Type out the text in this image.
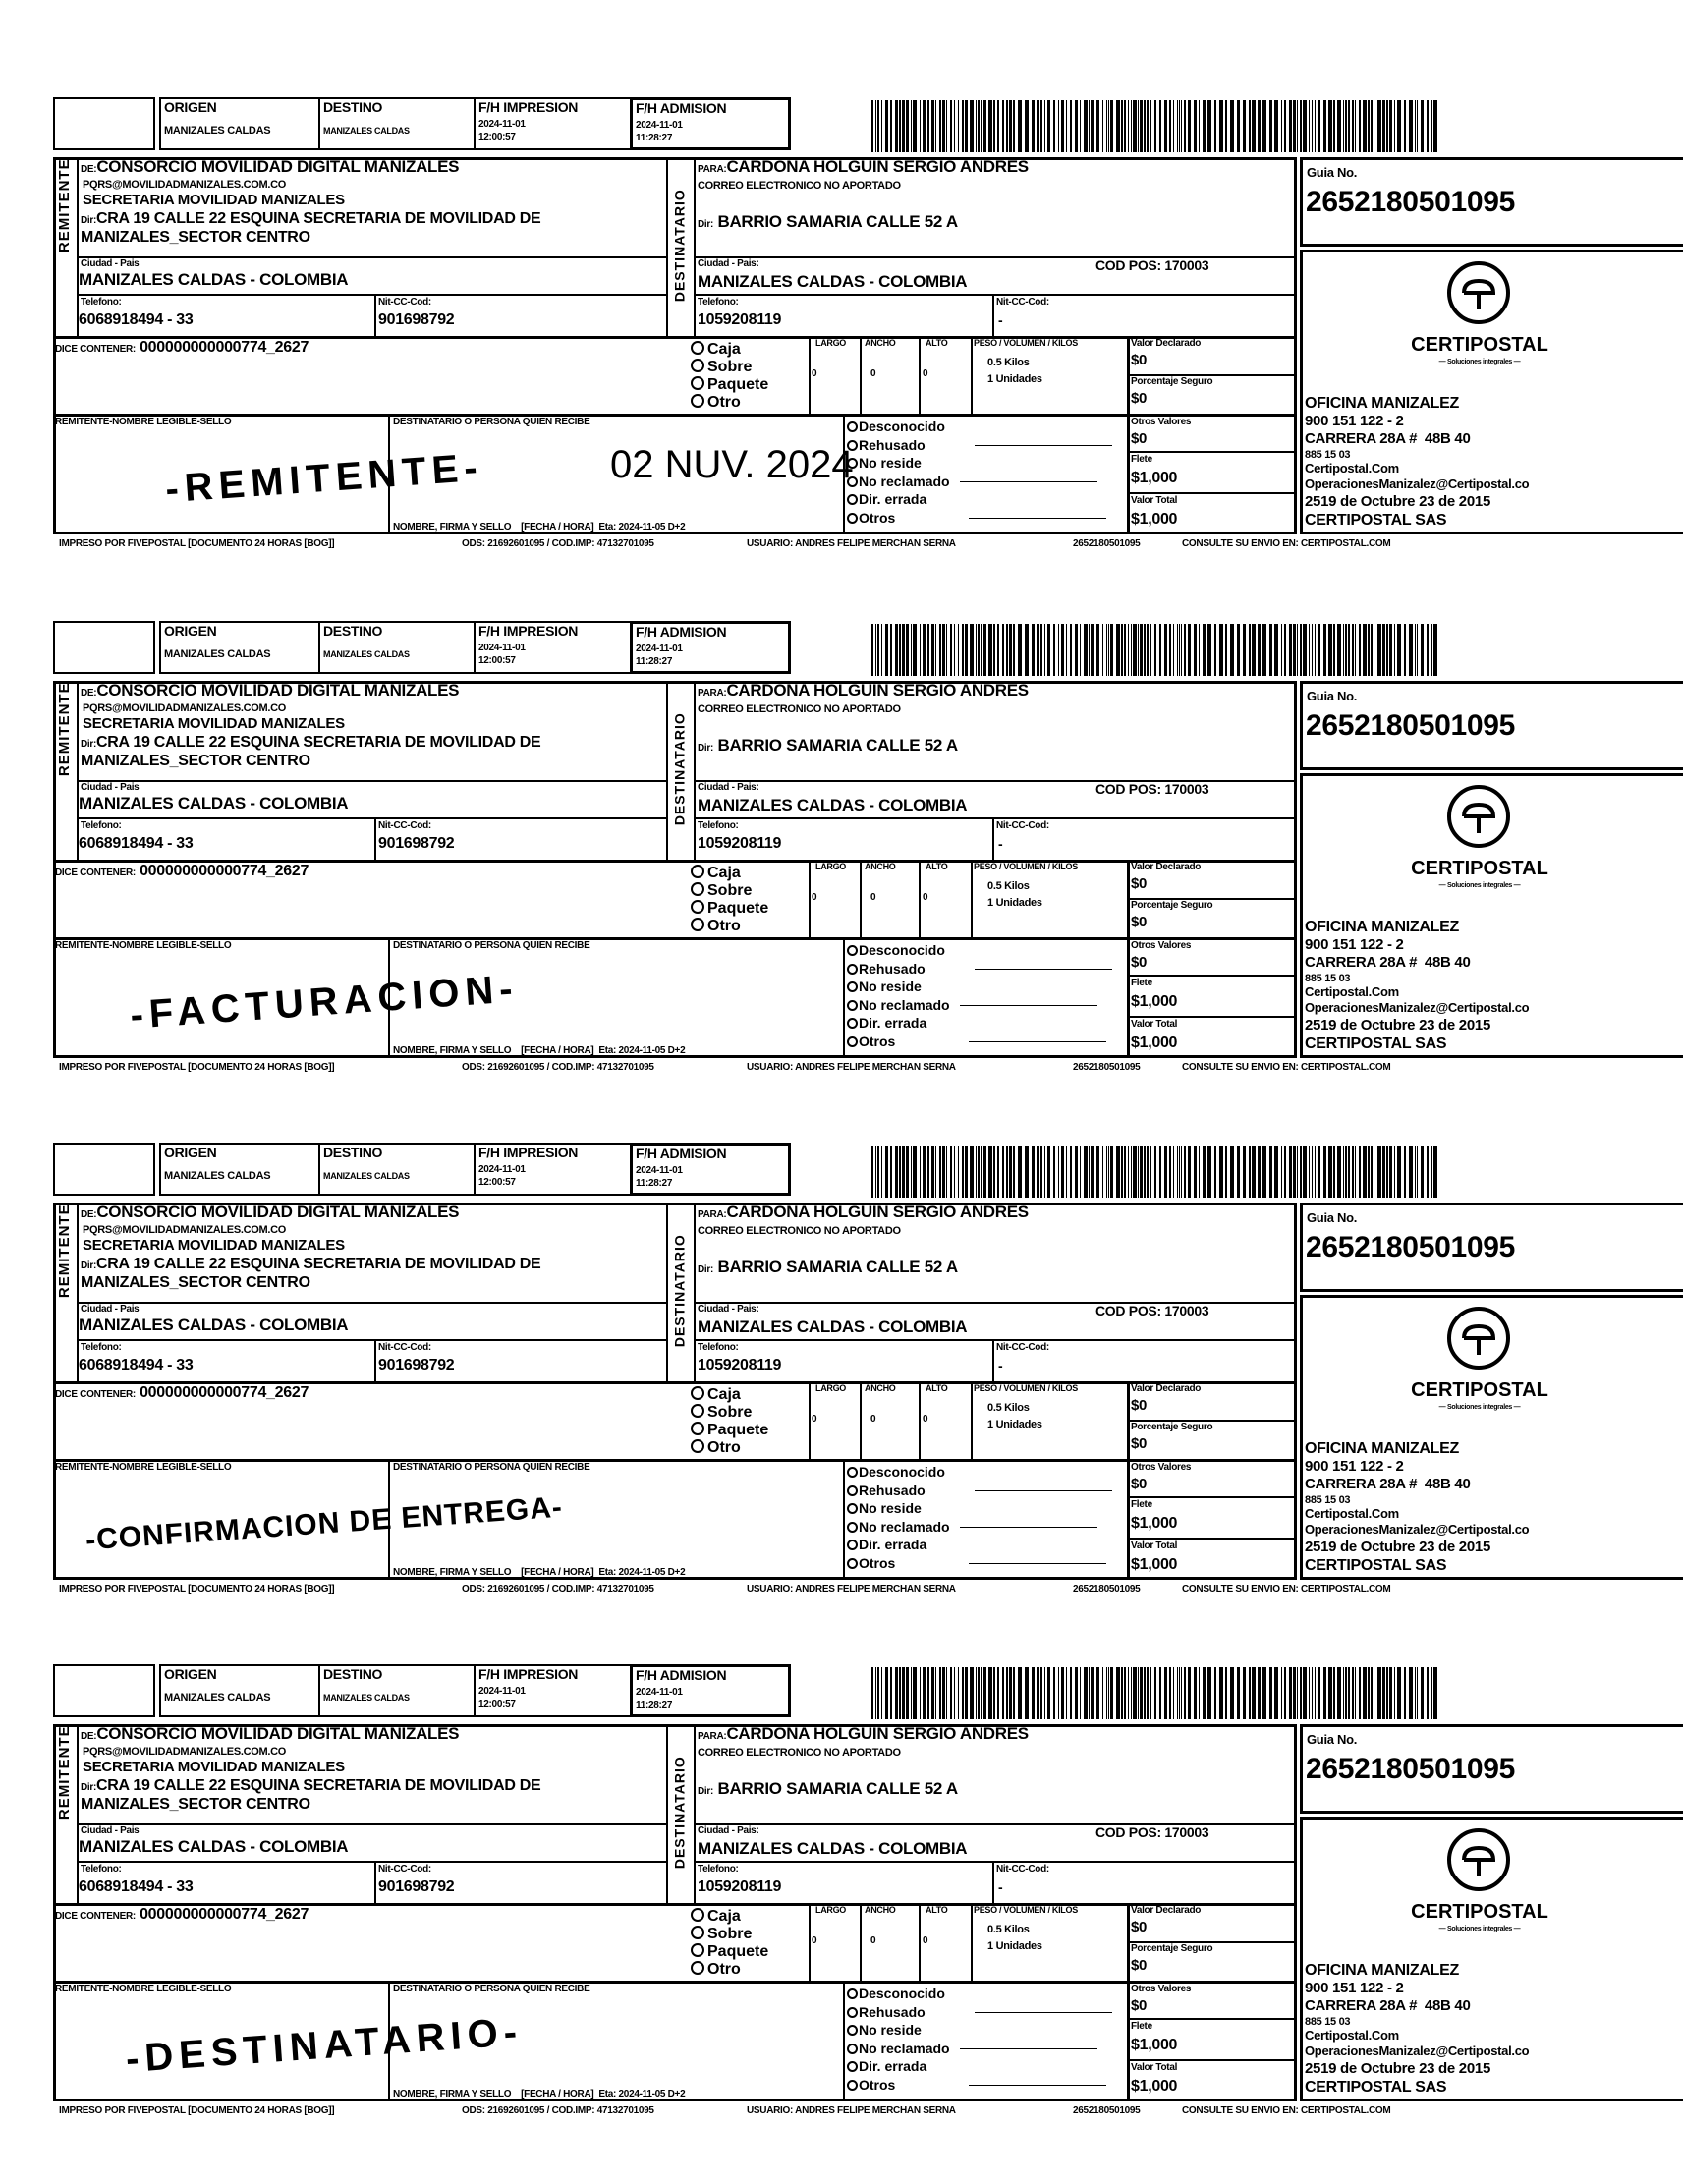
ORIGEN
MANIZALES CALDAS
DESTINO
MANIZALES CALDAS
F/H IMPRESION
2024-11-01
12:00:57
F/H ADMISION
2024-11-01
11:28:27
REMITENTE	DESTINATARIO
DE:CONSORCIO MOVILIDAD DIGITAL MANIZALES
PQRS@MOVILIDADMANIZALES.COM.CO
SECRETARIA MOVILIDAD MANIZALES
Dir:CRA 19 CALLE 22 ESQUINA SECRETARIA DE MOVILIDAD DE
MANIZALES_SECTOR CENTRO
Ciudad - Pais
MANIZALES CALDAS - COLOMBIA
Telefono:
6068918494 - 33
Nit-CC-Cod:
901698792
PARA:CARDONA HOLGUIN SERGIO ANDRES
CORREO ELECTRONICO NO APORTADO
Dir: BARRIO SAMARIA CALLE 52 A
Ciudad - Pais:	COD POS: 170003
MANIZALES CALDAS - COLOMBIA
Telefono:
1059208119
Nit-CC-Cod:
-
DICE CONTENER: 000000000000774_2627	Caja
Sobre
Paquete
Otro
LARGO
0
ANCHO
0
ALTO
0
PESO / VOLUMEN / KILOS
0.5 Kilos
1 Unidades
Valor Declarado
$0
Porcentaje Seguro
$0
Otros Valores
$0
Flete
$1,000
Valor Total
$1,000
REMITENTE-NOMBRE LEGIBLE-SELLO	DESTINATARIO O PERSONA QUIEN RECIBE
NOMBRE, FIRMA Y SELLO    [FECHA / HORA]  Eta: 2024-11-05 D+2
Desconocido
Rehusado
No reside
No reclamado
Dir. errada
Otros
Guia No.
2652180501095
CERTIPOSTAL
— Soluciones integrales —
OFICINA MANIZALEZ
900 151 122 - 2
CARRERA 28A #  48B 40
885 15 03
Certipostal.Com
OperacionesManizalez@Certipostal.co
2519 de Octubre 23 de 2015
CERTIPOSTAL SAS
IMPRESO POR FIVEPOSTAL [DOCUMENTO 24 HORAS [BOG]]	ODS: 21692601095 / COD.IMP: 47132701095	USUARIO: ANDRES FELIPE MERCHAN SERNA	2652180501095	CONSULTE SU ENVIO EN: CERTIPOSTAL.COM
-REMITENTE-	02 NUV. 2024
ORIGEN
MANIZALES CALDAS
DESTINO
MANIZALES CALDAS
F/H IMPRESION
2024-11-01
12:00:57
F/H ADMISION
2024-11-01
11:28:27
REMITENTE	DESTINATARIO
DE:CONSORCIO MOVILIDAD DIGITAL MANIZALES
PQRS@MOVILIDADMANIZALES.COM.CO
SECRETARIA MOVILIDAD MANIZALES
Dir:CRA 19 CALLE 22 ESQUINA SECRETARIA DE MOVILIDAD DE
MANIZALES_SECTOR CENTRO
Ciudad - Pais
MANIZALES CALDAS - COLOMBIA
Telefono:
6068918494 - 33
Nit-CC-Cod:
901698792
PARA:CARDONA HOLGUIN SERGIO ANDRES
CORREO ELECTRONICO NO APORTADO
Dir: BARRIO SAMARIA CALLE 52 A
Ciudad - Pais:	COD POS: 170003
MANIZALES CALDAS - COLOMBIA
Telefono:
1059208119
Nit-CC-Cod:
-
DICE CONTENER: 000000000000774_2627	Caja
Sobre
Paquete
Otro
LARGO
0
ANCHO
0
ALTO
0
PESO / VOLUMEN / KILOS
0.5 Kilos
1 Unidades
Valor Declarado
$0
Porcentaje Seguro
$0
Otros Valores
$0
Flete
$1,000
Valor Total
$1,000
REMITENTE-NOMBRE LEGIBLE-SELLO	DESTINATARIO O PERSONA QUIEN RECIBE
NOMBRE, FIRMA Y SELLO    [FECHA / HORA]  Eta: 2024-11-05 D+2
Desconocido
Rehusado
No reside
No reclamado
Dir. errada
Otros
Guia No.
2652180501095
CERTIPOSTAL
— Soluciones integrales —
OFICINA MANIZALEZ
900 151 122 - 2
CARRERA 28A #  48B 40
885 15 03
Certipostal.Com
OperacionesManizalez@Certipostal.co
2519 de Octubre 23 de 2015
CERTIPOSTAL SAS
IMPRESO POR FIVEPOSTAL [DOCUMENTO 24 HORAS [BOG]]	ODS: 21692601095 / COD.IMP: 47132701095	USUARIO: ANDRES FELIPE MERCHAN SERNA	2652180501095	CONSULTE SU ENVIO EN: CERTIPOSTAL.COM
-FACTURACION-
ORIGEN
MANIZALES CALDAS
DESTINO
MANIZALES CALDAS
F/H IMPRESION
2024-11-01
12:00:57
F/H ADMISION
2024-11-01
11:28:27
REMITENTE	DESTINATARIO
DE:CONSORCIO MOVILIDAD DIGITAL MANIZALES
PQRS@MOVILIDADMANIZALES.COM.CO
SECRETARIA MOVILIDAD MANIZALES
Dir:CRA 19 CALLE 22 ESQUINA SECRETARIA DE MOVILIDAD DE
MANIZALES_SECTOR CENTRO
Ciudad - Pais
MANIZALES CALDAS - COLOMBIA
Telefono:
6068918494 - 33
Nit-CC-Cod:
901698792
PARA:CARDONA HOLGUIN SERGIO ANDRES
CORREO ELECTRONICO NO APORTADO
Dir: BARRIO SAMARIA CALLE 52 A
Ciudad - Pais:	COD POS: 170003
MANIZALES CALDAS - COLOMBIA
Telefono:
1059208119
Nit-CC-Cod:
-
DICE CONTENER: 000000000000774_2627	Caja
Sobre
Paquete
Otro
LARGO
0
ANCHO
0
ALTO
0
PESO / VOLUMEN / KILOS
0.5 Kilos
1 Unidades
Valor Declarado
$0
Porcentaje Seguro
$0
Otros Valores
$0
Flete
$1,000
Valor Total
$1,000
REMITENTE-NOMBRE LEGIBLE-SELLO	DESTINATARIO O PERSONA QUIEN RECIBE
NOMBRE, FIRMA Y SELLO    [FECHA / HORA]  Eta: 2024-11-05 D+2
Desconocido
Rehusado
No reside
No reclamado
Dir. errada
Otros
Guia No.
2652180501095
CERTIPOSTAL
— Soluciones integrales —
OFICINA MANIZALEZ
900 151 122 - 2
CARRERA 28A #  48B 40
885 15 03
Certipostal.Com
OperacionesManizalez@Certipostal.co
2519 de Octubre 23 de 2015
CERTIPOSTAL SAS
IMPRESO POR FIVEPOSTAL [DOCUMENTO 24 HORAS [BOG]]	ODS: 21692601095 / COD.IMP: 47132701095	USUARIO: ANDRES FELIPE MERCHAN SERNA	2652180501095	CONSULTE SU ENVIO EN: CERTIPOSTAL.COM
-CONFIRMACION DE ENTREGA-
ORIGEN
MANIZALES CALDAS
DESTINO
MANIZALES CALDAS
F/H IMPRESION
2024-11-01
12:00:57
F/H ADMISION
2024-11-01
11:28:27
REMITENTE	DESTINATARIO
DE:CONSORCIO MOVILIDAD DIGITAL MANIZALES
PQRS@MOVILIDADMANIZALES.COM.CO
SECRETARIA MOVILIDAD MANIZALES
Dir:CRA 19 CALLE 22 ESQUINA SECRETARIA DE MOVILIDAD DE
MANIZALES_SECTOR CENTRO
Ciudad - Pais
MANIZALES CALDAS - COLOMBIA
Telefono:
6068918494 - 33
Nit-CC-Cod:
901698792
PARA:CARDONA HOLGUIN SERGIO ANDRES
CORREO ELECTRONICO NO APORTADO
Dir: BARRIO SAMARIA CALLE 52 A
Ciudad - Pais:	COD POS: 170003
MANIZALES CALDAS - COLOMBIA
Telefono:
1059208119
Nit-CC-Cod:
-
DICE CONTENER: 000000000000774_2627	Caja
Sobre
Paquete
Otro
LARGO
0
ANCHO
0
ALTO
0
PESO / VOLUMEN / KILOS
0.5 Kilos
1 Unidades
Valor Declarado
$0
Porcentaje Seguro
$0
Otros Valores
$0
Flete
$1,000
Valor Total
$1,000
REMITENTE-NOMBRE LEGIBLE-SELLO	DESTINATARIO O PERSONA QUIEN RECIBE
NOMBRE, FIRMA Y SELLO    [FECHA / HORA]  Eta: 2024-11-05 D+2
Desconocido
Rehusado
No reside
No reclamado
Dir. errada
Otros
Guia No.
2652180501095
CERTIPOSTAL
— Soluciones integrales —
OFICINA MANIZALEZ
900 151 122 - 2
CARRERA 28A #  48B 40
885 15 03
Certipostal.Com
OperacionesManizalez@Certipostal.co
2519 de Octubre 23 de 2015
CERTIPOSTAL SAS
IMPRESO POR FIVEPOSTAL [DOCUMENTO 24 HORAS [BOG]]	ODS: 21692601095 / COD.IMP: 47132701095	USUARIO: ANDRES FELIPE MERCHAN SERNA	2652180501095	CONSULTE SU ENVIO EN: CERTIPOSTAL.COM
-DESTINATARIO-
